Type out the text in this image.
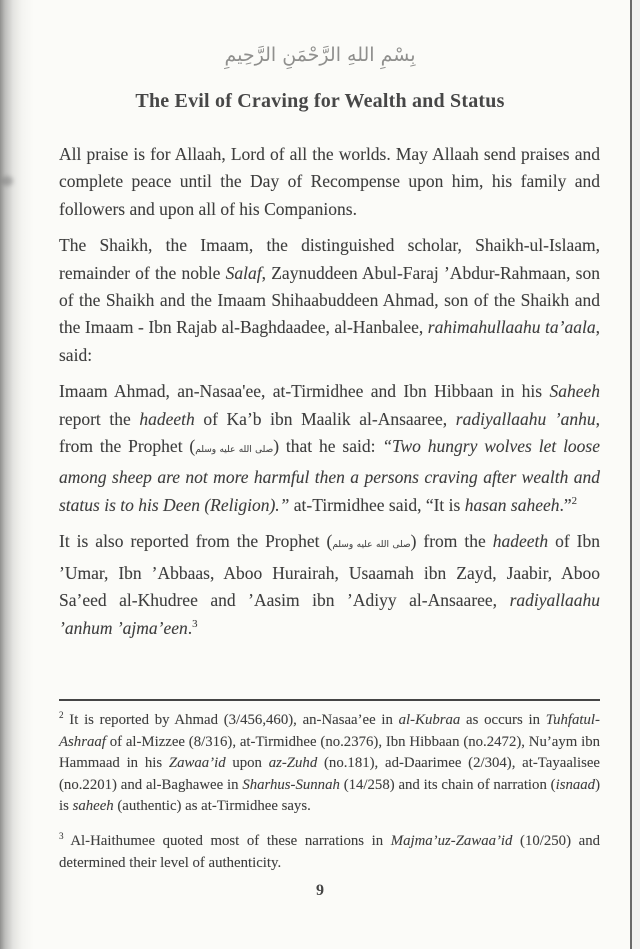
بِسْمِ اللهِ الرَّحْمَنِ الرَّحِيمِ
The Evil of Craving for Wealth and Status

All praise is for Allaah, Lord of all the worlds. May Allaah send praises and complete peace until the Day of Recompense upon him, his family and followers and upon all of his Companions.

The Shaikh, the Imaam, the distinguished scholar, Shaikh-ul-Islaam, remainder of the noble Salaf, Zaynuddeen Abul-Faraj ’Abdur-Rahmaan, son of the Shaikh and the Imaam Shihaabuddeen Ahmad, son of the Shaikh and the Imaam - Ibn Rajab al-Baghdaadee, al-Hanbalee, rahimahullaahu ta’aala, said:

Imaam Ahmad, an-Nasaa'ee, at-Tirmidhee and Ibn Hibbaan in his Saheeh report the hadeeth of Ka’b ibn Maalik al-Ansaaree, radiyallaahu ’anhu, from the Prophet (صلى الله عليه وسلم) that he said: “Two hungry wolves let loose among sheep are not more harmful then a persons craving after wealth and status is to his Deen (Religion).” at-Tirmidhee said, “It is hasan saheeh.”$^2$

It is also reported from the Prophet (صلى الله عليه وسلم) from the hadeeth of Ibn ’Umar, Ibn ’Abbaas, Aboo Hurairah, Usaamah ibn Zayd, Jaabir, Aboo Sa’eed al-Khudree and ’Aasim ibn ’Adiyy al-Ansaaree, radiyallaahu ’anhum ’ajma’een.$^3$

$^2$ It is reported by Ahmad (3/456,460), an-Nasaa’ee in al-Kubraa as occurs in Tuhfatul-Ashraaf of al-Mizzee (8/316), at-Tirmidhee (no.2376), Ibn Hibbaan (no.2472), Nu’aym ibn Hammaad in his Zawaa’id upon az-Zuhd (no.181), ad-Daarimee (2/304), at-Tayaalisee (no.2201) and al-Baghawee in Sharhus-Sunnah (14/258) and its chain of narration (isnaad) is saheeh (authentic) as at-Tirmidhee says.

$^3$ Al-Haithumee quoted most of these narrations in Majma’uz-Zawaa’id (10/250) and determined their level of authenticity.

9
